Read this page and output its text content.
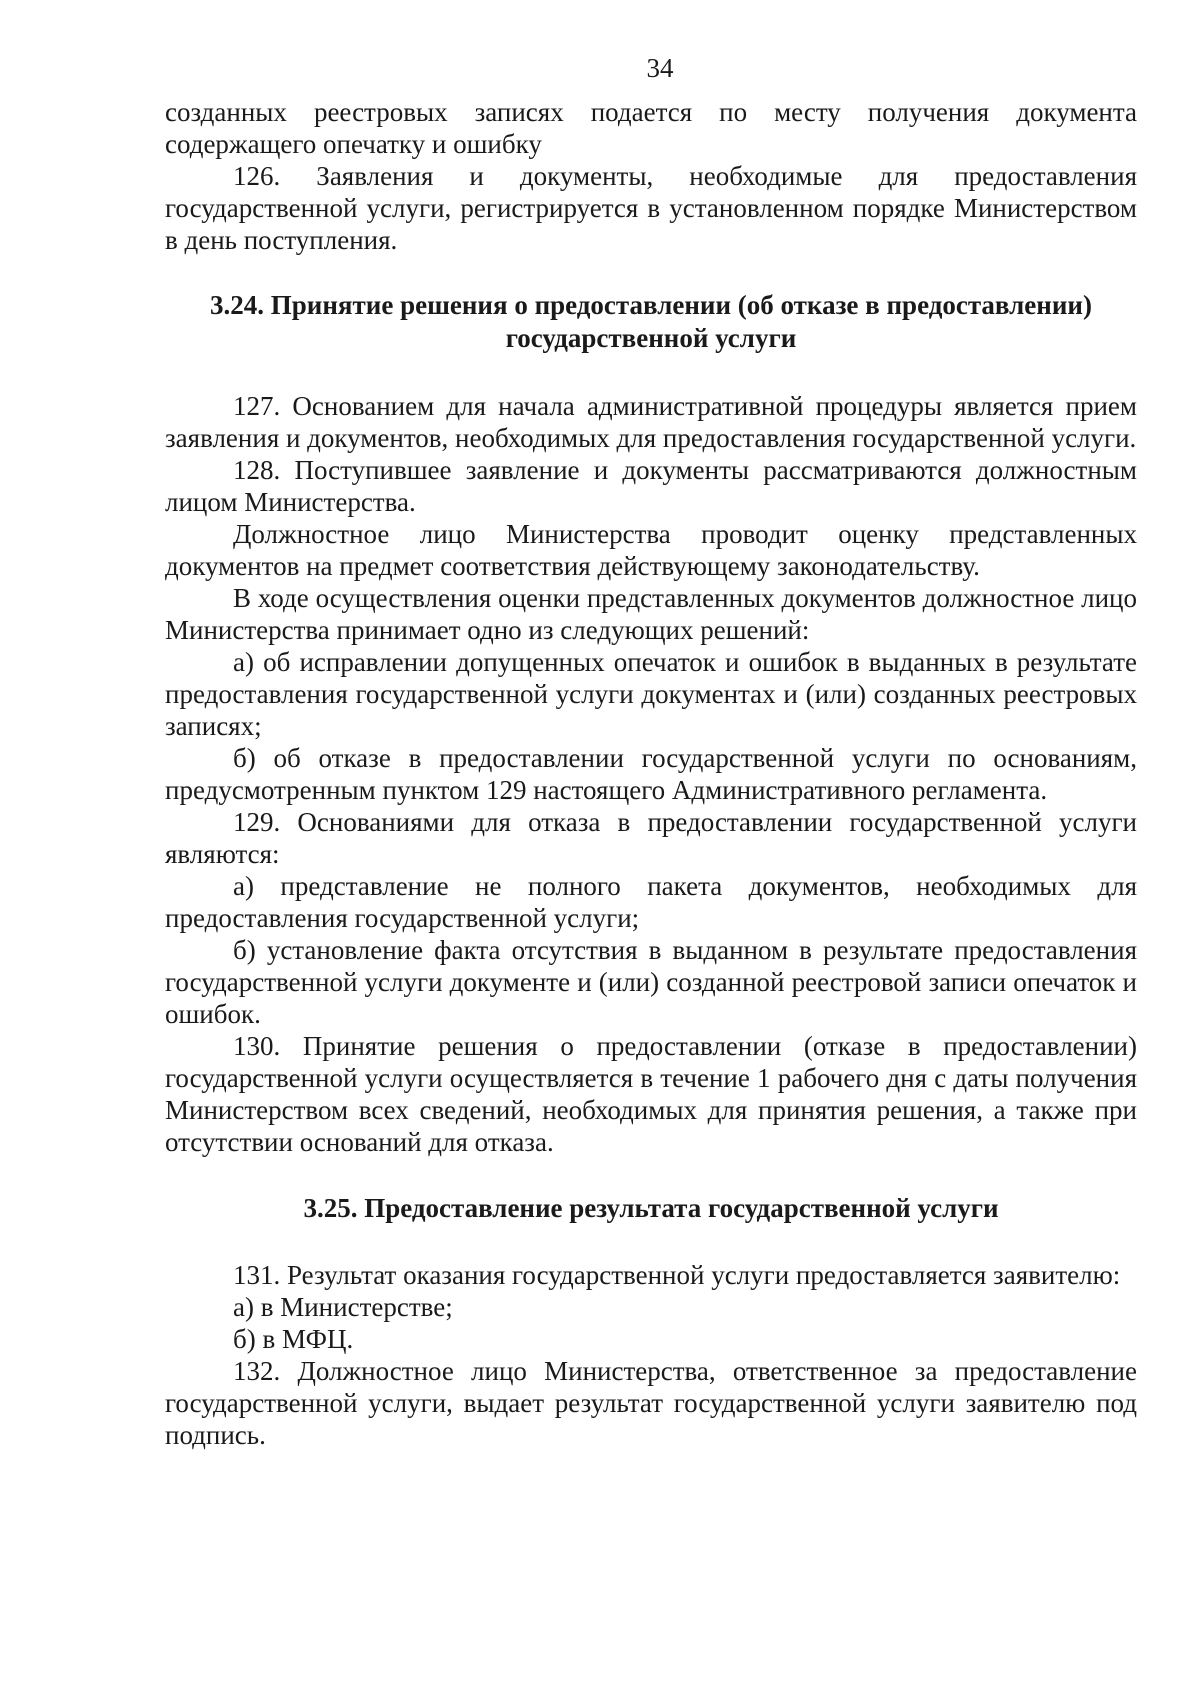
34

созданных реестровых записях подается по месту получения документа содержащего опечатку и ошибку

126. Заявления и документы, необходимые для предоставления государственной услуги, регистрируется в установленном порядке Министерством в день поступления.

3.24. Принятие решения о предоставлении (об отказе в предоставлении) государственной услуги

127. Основанием для начала административной процедуры является прием заявления и документов, необходимых для предоставления государственной услуги.

128. Поступившее заявление и документы рассматриваются должностным лицом Министерства.

Должностное лицо Министерства проводит оценку представленных документов на предмет соответствия действующему законодательству.

В ходе осуществления оценки представленных документов должностное лицо Министерства принимает одно из следующих решений:

а) об исправлении допущенных опечаток и ошибок в выданных в результате предоставления государственной услуги документах и (или) созданных реестровых записях;

б) об отказе в предоставлении государственной услуги по основаниям, предусмотренным пунктом 129 настоящего Административного регламента.

129. Основаниями для отказа в предоставлении государственной услуги являются:

а) представление не полного пакета документов, необходимых для предоставления государственной услуги;

б) установление факта отсутствия в выданном в результате предоставления государственной услуги документе и (или) созданной реестровой записи опечаток и ошибок.

130. Принятие решения о предоставлении (отказе в предоставлении) государственной услуги осуществляется в течение 1 рабочего дня с даты получения Министерством всех сведений, необходимых для принятия решения, а также при отсутствии оснований для отказа.

3.25. Предоставление результата государственной услуги

131. Результат оказания государственной услуги предоставляется заявителю:

а) в Министерстве;

б) в МФЦ.

132. Должностное лицо Министерства, ответственное за предоставление государственной услуги, выдает результат государственной услуги заявителю под подпись.
